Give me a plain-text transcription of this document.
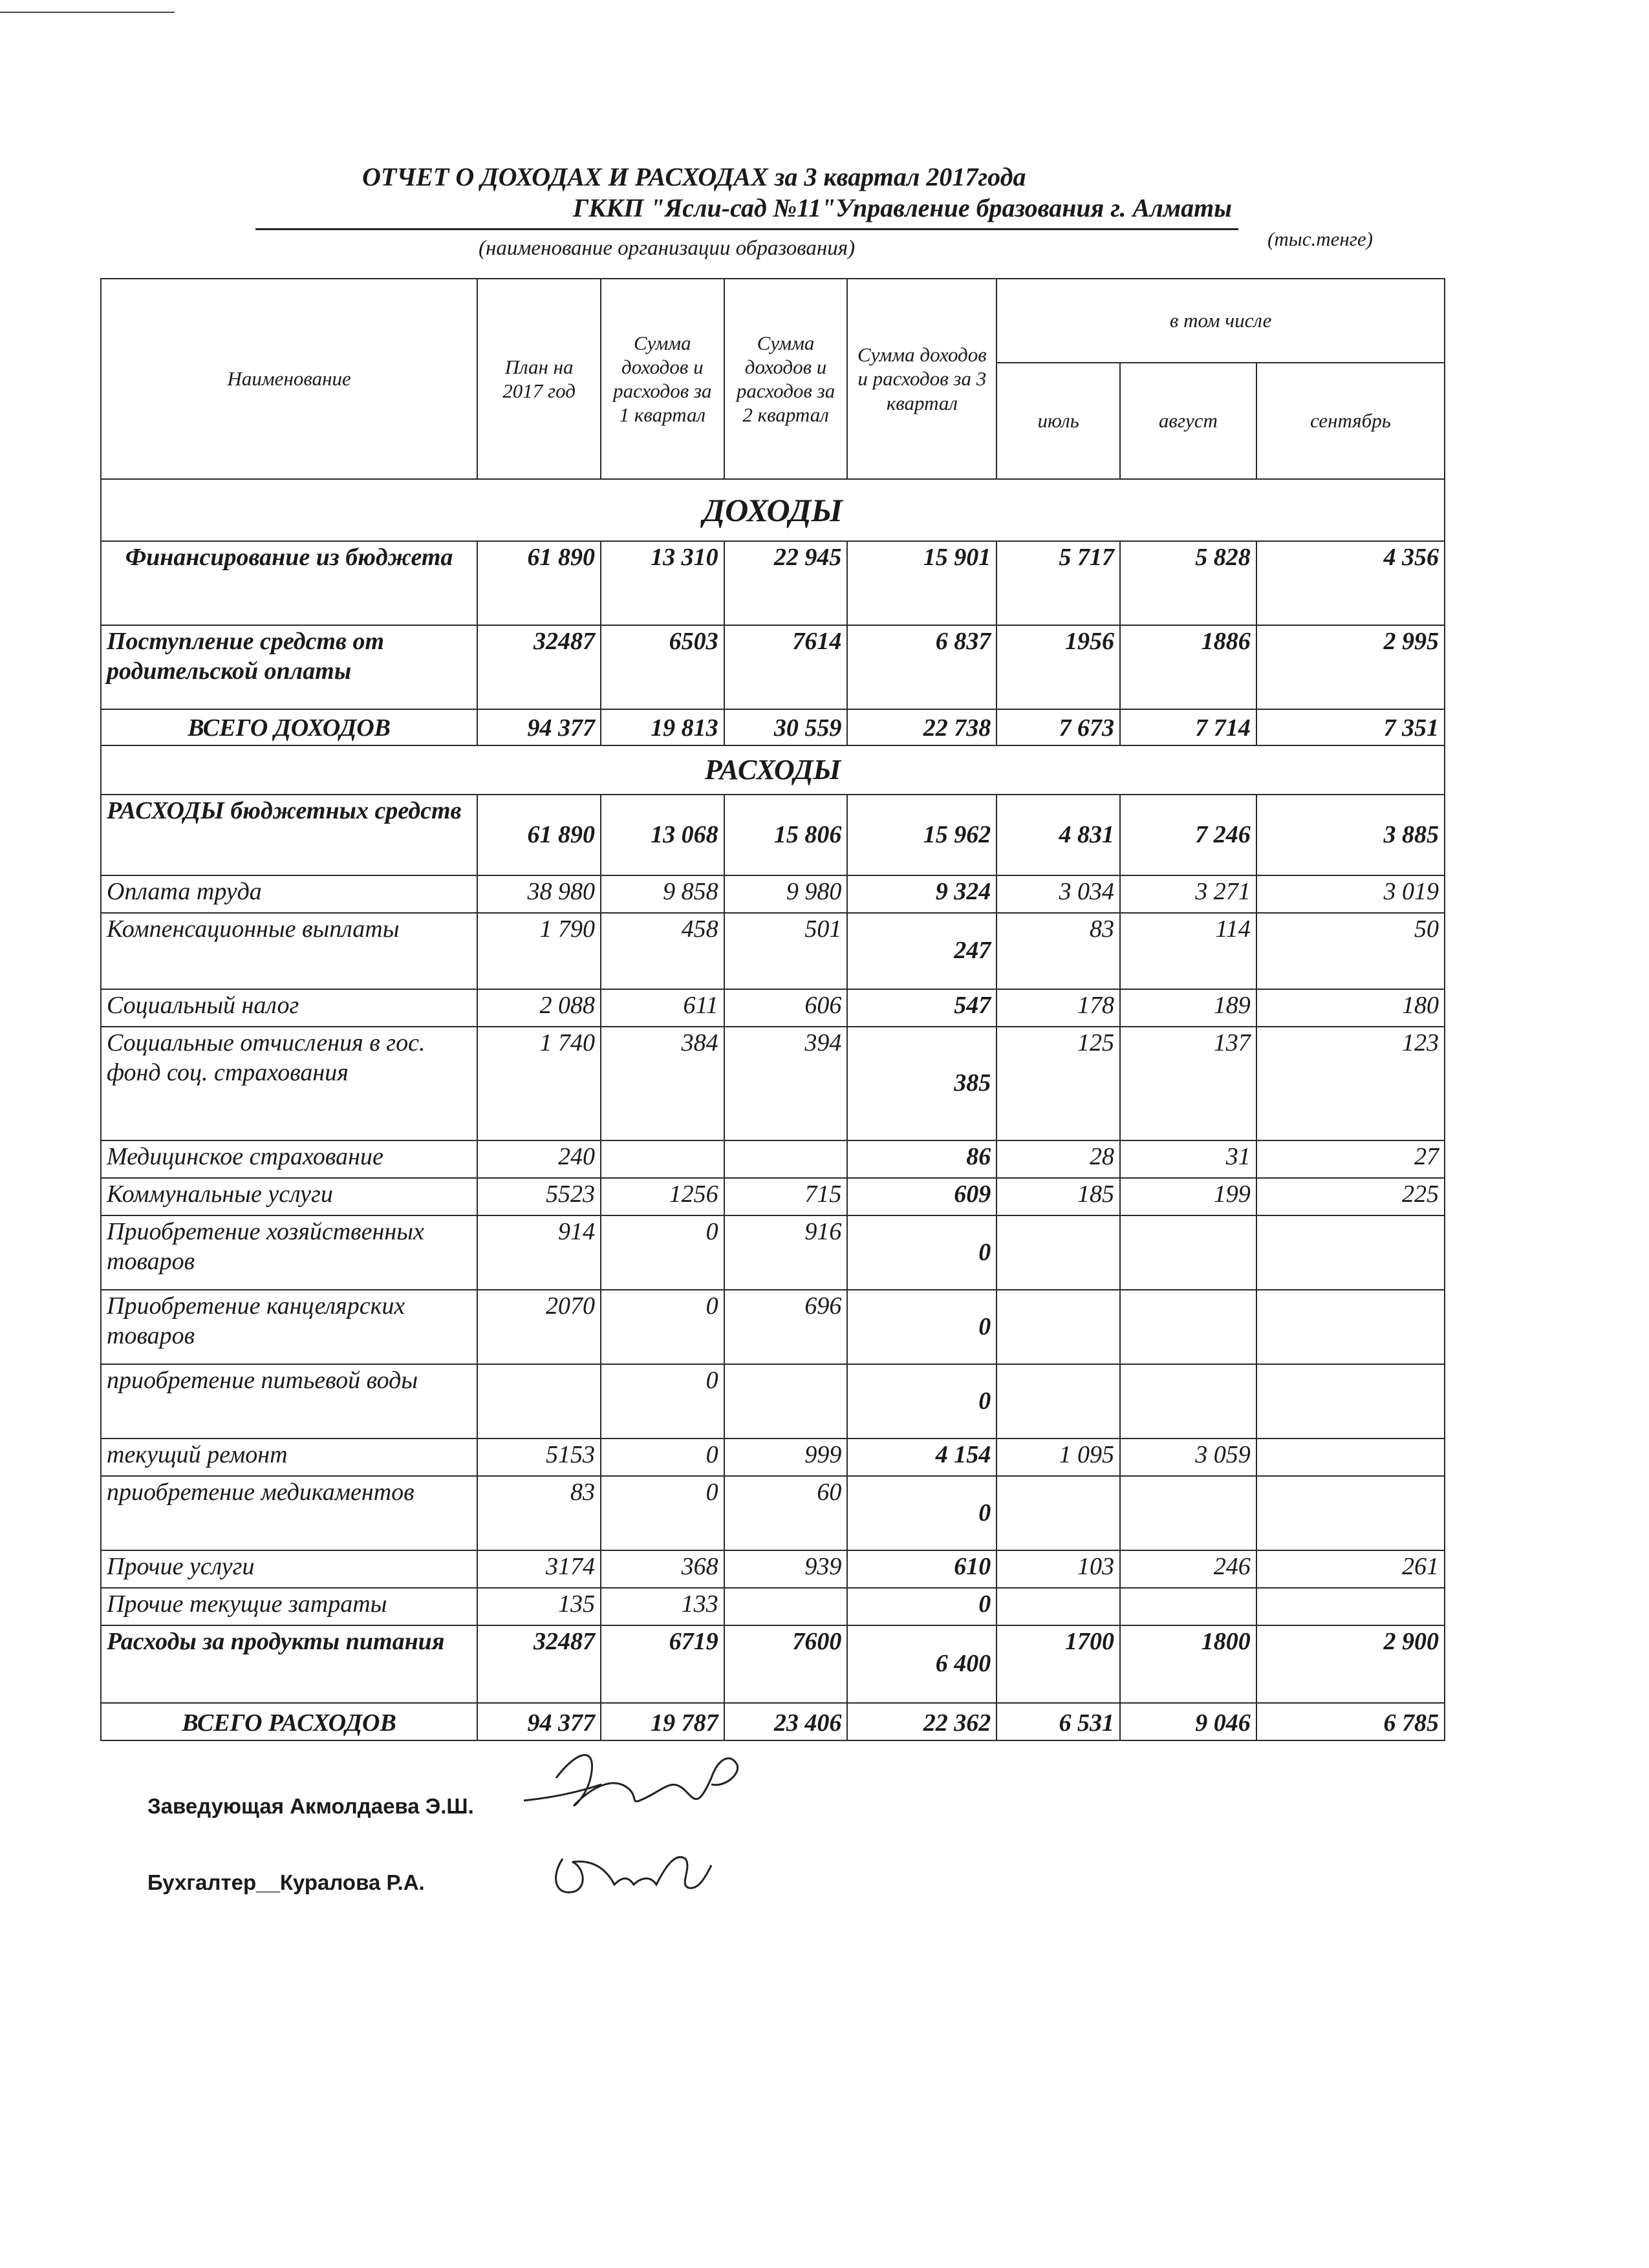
ОТЧЕТ О ДОХОДАХ И РАСХОДАХ за 3 квартал 2017года
ГККП "Ясли-сад №11"Управление бразования г. Алматы
(наименование организации образования)	(тыс.тенге)
Наименование	План на 2017 год	Сумма доходов и расходов за 1 квартал	Сумма доходов и расходов за 2 квартал	Сумма доходов и расходов за 3 квартал	в том числе		
					июль	август	сентябрь
ДОХОДЫ							
Финансирование из бюджета	61 890	13 310	22 945	15 901	5 717	5 828	4 356
Поступление средств от родительской оплаты	32487	6503	7614	6 837	1956	1886	2 995
ВСЕГО ДОХОДОВ	94 377	19 813	30 559	22 738	7 673	7 714	7 351
РАСХОДЫ							
РАСХОДЫ бюджетных средств	61 890	13 068	15 806	15 962	4 831	7 246	3 885
Оплата труда	38 980	9 858	9 980	9 324	3 034	3 271	3 019
Компенсационные выплаты	1 790	458	501	247	83	114	50
Социальный налог	2 088	611	606	547	178	189	180
Социальные отчисления в гос. фонд соц. страхования	1 740	384	394	385	125	137	123
Медицинское страхование	240			86	28	31	27
Коммунальные услуги	5523	1256	715	609	185	199	225
Приобретение хозяйственных товаров	914	0	916	0			
Приобретение канцелярских товаров	2070	0	696	0			
приобретение питьевой воды		0		0			
текущий ремонт	5153	0	999	4 154	1 095	3 059	
приобретение медикаментов	83	0	60	0			
Прочие услуги	3174	368	939	610	103	246	261
Прочие текущие затраты	135	133		0			
Расходы за продукты питания	32487	6719	7600	6 400	1700	1800	2 900
ВСЕГО РАСХОДОВ	94 377	19 787	23 406	22 362	6 531	9 046	6 785
Заведующая Акмолдаева Э.Ш.
Бухгалтер__Куралова Р.А.
